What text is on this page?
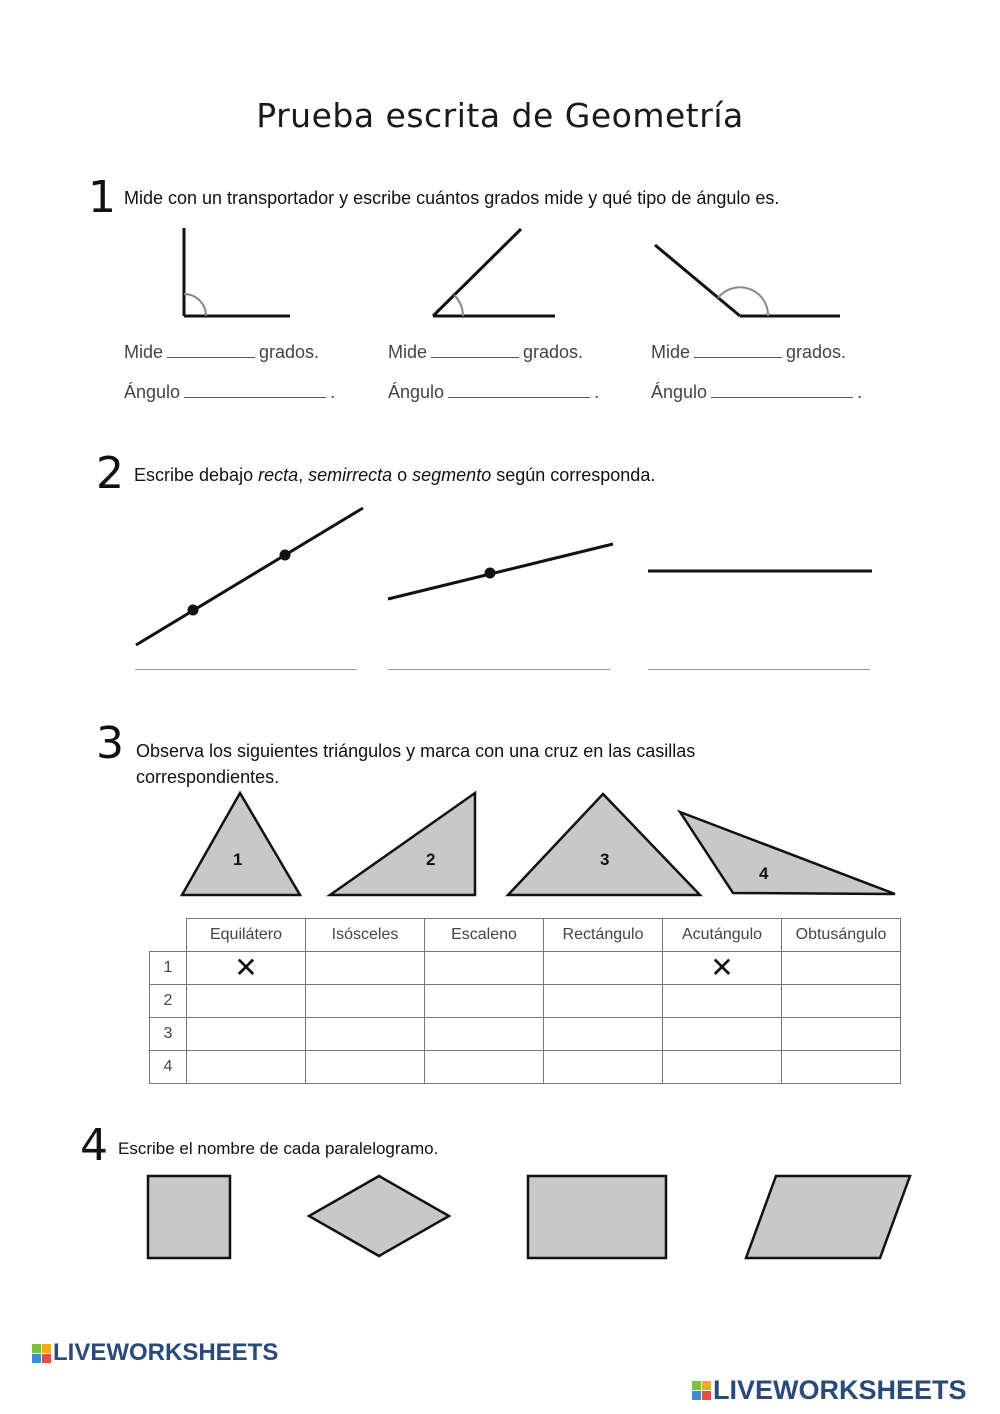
Prueba escrita de Geometría
1 Mide con un transportador y escribe cuántos grados mide y qué tipo de ángulo es.
Mide	grados.
Ángulo	.
Mide	grados.
Ángulo	.
Mide	grados.
Ángulo	.
2 Escribe debajo recta, semirrecta o segmento según corresponda.
3 Observa los siguientes triángulos y marca con una cruz en las casillas correspondientes.
1	2	3
4
	Equilátero	Isósceles	Escaleno	Rectángulo	Acutángulo	Obtusángulo
1	✕				✕	
2						
3						
4						
4 Escribe el nombre de cada paralelogramo.
LIVEWORKSHEETS
LIVEWORKSHEETS
